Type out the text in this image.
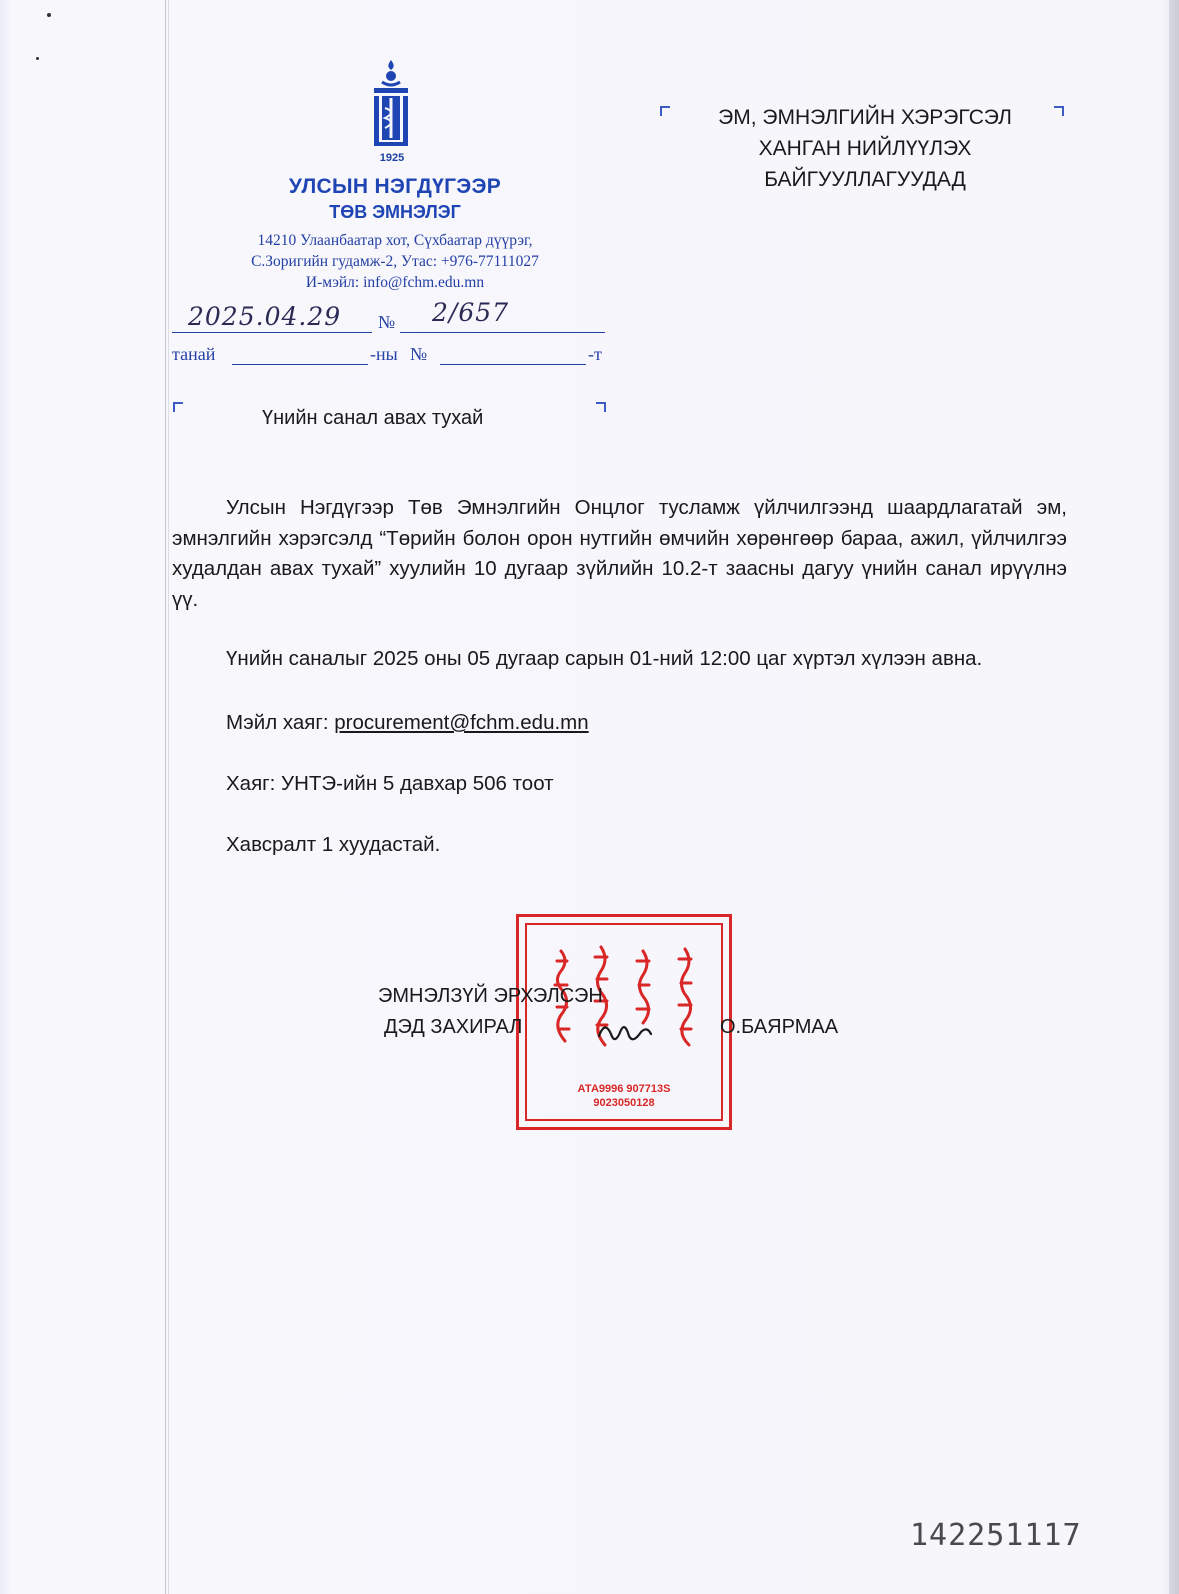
1925
УЛСЫН НЭГДҮГЭЭР
ТӨВ ЭМНЭЛЭГ
14210 Улаанбаатар хот, Сүхбаатар дүүрэг,
С.Зоригийн гудамж-2, Утас: +976-77111027
И-мэйл: info@fchm.edu.mn
ЭМ, ЭМНЭЛГИЙН ХЭРЭГСЭЛ
ХАНГАН НИЙЛҮҮЛЭХ
БАЙГУУЛЛАГУУДАД
2025.04.29 № 2/657
танай	-ны №	-т
Үнийн санал авах тухай
Улсын Нэгдүгээр Төв Эмнэлгийн Онцлог тусламж үйлчилгээнд шаардлагатай эм, эмнэлгийн хэрэгсэлд “Төрийн болон орон нутгийн өмчийн хөрөнгөөр бараа, ажил, үйлчилгээ худалдан авах тухай” хуулийн 10 дугаар зүйлийн 10.2-т заасны дагуу үнийн санал ирүүлнэ үү.
Үнийн саналыг 2025 оны 05 дугаар сарын 01-ний 12:00 цаг хүртэл хүлээн авна.
Мэйл хаяг: procurement@fchm.edu.mn
Хаяг: УНТЭ-ийн 5 давхар 506 тоот
Хавсралт 1 хуудастай.
АТА9996 907713S
9023050128
ЭМНЭЛЗҮЙ ЭРХЭЛСЭН
ДЭД ЗАХИРАЛ	О.БАЯРМАА
142251117
